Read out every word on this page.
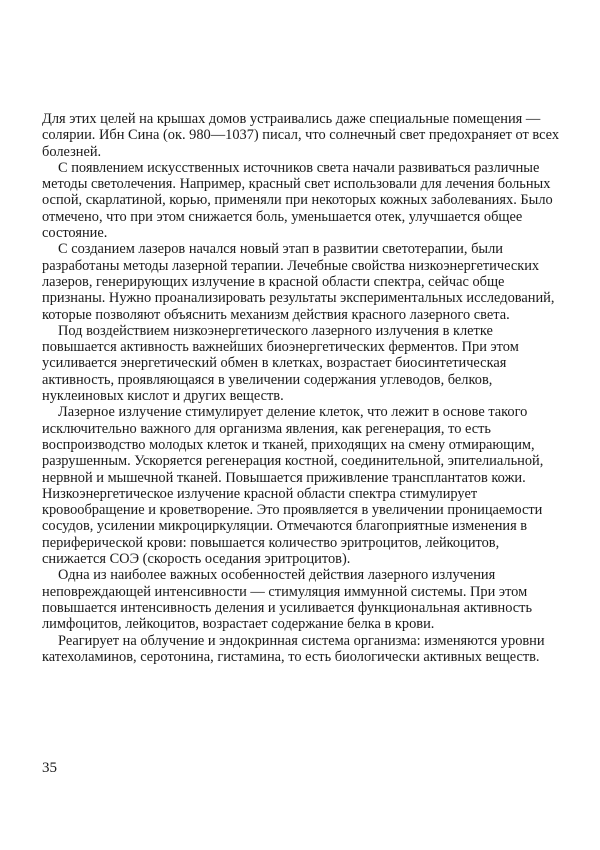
Для этих целей на крышах домов устраивались даже специальные помещения —
солярии. Ибн Сина (ок. 980—1037) писал, что солнечный свет предохраняет от всех
болезней.

С появлением искусственных источников света начали развиваться различные
методы светолечения. Например, красный свет использовали для лечения больных
оспой, скарлатиной, корью, применяли при некоторых кожных заболеваниях. Было
отмечено, что при этом снижается боль, уменьшается отек, улучшается общее
состояние.

С созданием лазеров начался новый этап в развитии светотерапии, были
разработаны методы лазерной терапии. Лечебные свойства низкоэнергетических
лазеров, генерирующих излучение в красной области спектра, сейчас обще
признаны. Нужно проанализировать результаты экспериментальных исследований,
которые позволяют объяснить механизм действия красного лазерного света.

Под воздействием низкоэнергетического лазерного излучения в клетке
повышается активность важнейших биоэнергетических ферментов. При этом
усиливается энергетический обмен в клетках, возрастает биосинтетическая
активность, проявляющаяся в увеличении содержания углеводов, белков,
нуклеиновых кислот и других веществ.

Лазерное излучение стимулирует деление клеток, что лежит в основе такого
исключительно важного для организма явления, как регенерация, то есть
воспроизводство молодых клеток и тканей, приходящих на смену отмирающим,
разрушенным. Ускоряется регенерация костной, соединительной, эпителиальной,
нервной и мышечной тканей. Повышается приживление трансплантатов кожи.
Низкоэнергетическое излучение красной области спектра стимулирует
кровообращение и кроветворение. Это проявляется в увеличении проницаемости
сосудов, усилении микроциркуляции. Отмечаются благоприятные изменения в
периферической крови: повышается количество эритроцитов, лейкоцитов,
снижается СОЭ (скорость оседания эритроцитов).

Одна из наиболее важных особенностей действия лазерного излучения
неповреждающей интенсивности — стимуляция иммунной системы. При этом
повышается интенсивность деления и усиливается функциональная активность
лимфоцитов, лейкоцитов, возрастает содержание белка в крови.

Реагирует на облучение и эндокринная система организма: изменяются уровни
катехоламинов, серотонина, гистамина, то есть биологически активных веществ.

35
